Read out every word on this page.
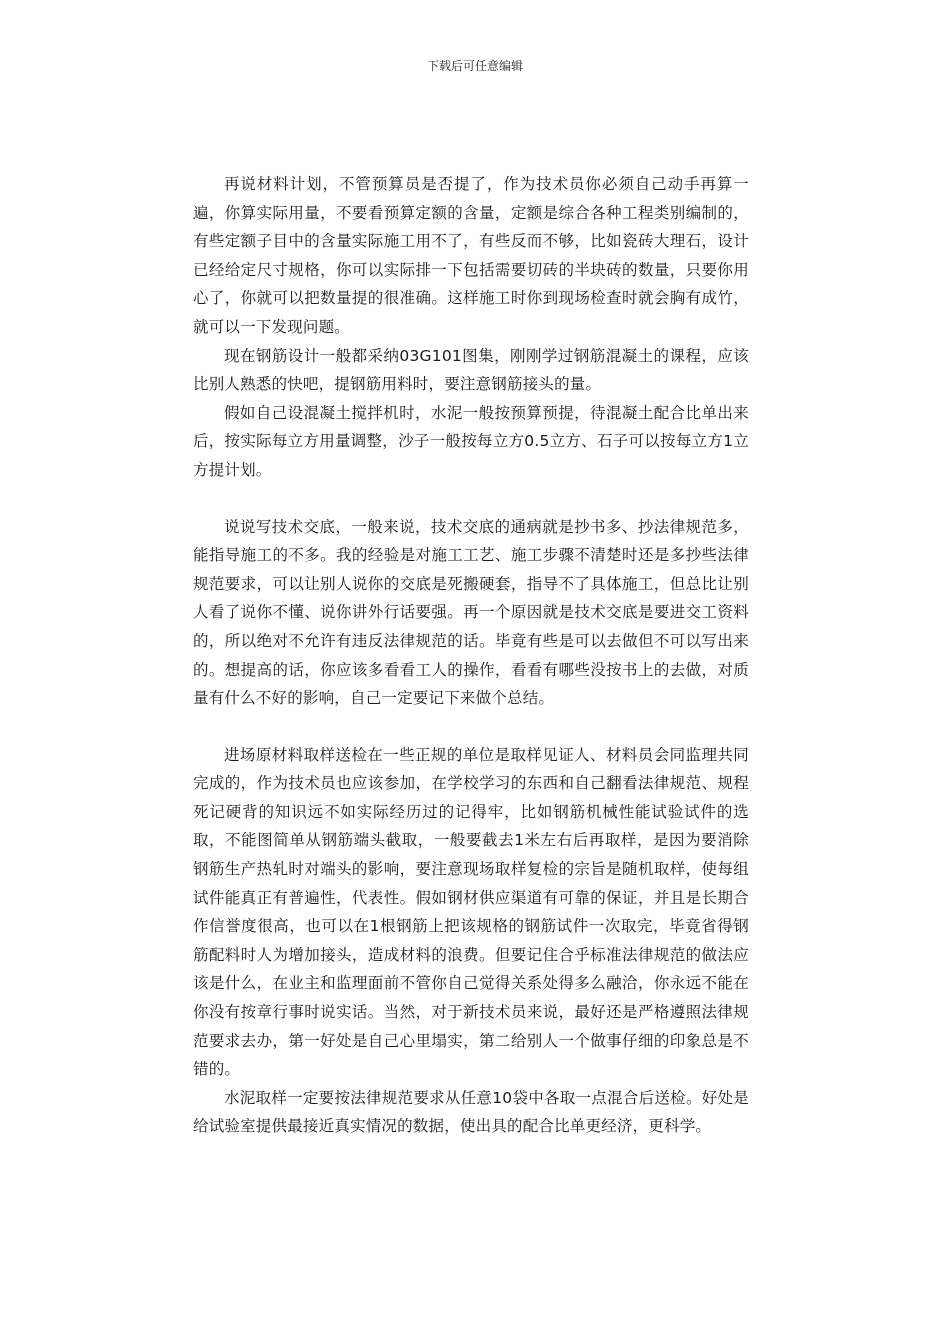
下载后可任意编辑

再说材料计划，不管预算员是否提了，作为技术员你必须自己动手再算一遍，你算实际用量，不要看预算定额的含量，定额是综合各种工程类别编制的，有些定额子目中的含量实际施工用不了，有些反而不够，比如瓷砖大理石，设计已经给定尺寸规格，你可以实际排一下包括需要切砖的半块砖的数量，只要你用心了，你就可以把数量提的很准确。这样施工时你到现场检查时就会胸有成竹，就可以一下发现问题。

现在钢筋设计一般都采纳03G101图集，刚刚学过钢筋混凝土的课程，应该比别人熟悉的快吧，提钢筋用料时，要注意钢筋接头的量。

假如自己设混凝土搅拌机时，水泥一般按预算预提，待混凝土配合比单出来后，按实际每立方用量调整，沙子一般按每立方0.5立方、石子可以按每立方1立方提计划。

说说写技术交底，一般来说，技术交底的通病就是抄书多、抄法律规范多，能指导施工的不多。我的经验是对施工工艺、施工步骤不清楚时还是多抄些法律规范要求，可以让别人说你的交底是死搬硬套，指导不了具体施工，但总比让别人看了说你不懂、说你讲外行话要强。再一个原因就是技术交底是要进交工资料的，所以绝对不允许有违反法律规范的话。毕竟有些是可以去做但不可以写出来的。想提高的话，你应该多看看工人的操作，看看有哪些没按书上的去做，对质量有什么不好的影响，自己一定要记下来做个总结。

进场原材料取样送检在一些正规的单位是取样见证人、材料员会同监理共同完成的，作为技术员也应该参加，在学校学习的东西和自己翻看法律规范、规程死记硬背的知识远不如实际经历过的记得牢，比如钢筋机械性能试验试件的选取，不能图简单从钢筋端头截取，一般要截去1米左右后再取样，是因为要消除钢筋生产热轧时对端头的影响，要注意现场取样复检的宗旨是随机取样，使每组试件能真正有普遍性，代表性。假如钢材供应渠道有可靠的保证，并且是长期合作信誉度很高，也可以在1根钢筋上把该规格的钢筋试件一次取完，毕竟省得钢筋配料时人为增加接头，造成材料的浪费。但要记住合乎标准法律规范的做法应该是什么，在业主和监理面前不管你自己觉得关系处得多么融洽，你永远不能在你没有按章行事时说实话。当然，对于新技术员来说，最好还是严格遵照法律规范要求去办，第一好处是自己心里塌实，第二给别人一个做事仔细的印象总是不错的。

水泥取样一定要按法律规范要求从任意10袋中各取一点混合后送检。好处是给试验室提供最接近真实情况的数据，使出具的配合比单更经济，更科学。
